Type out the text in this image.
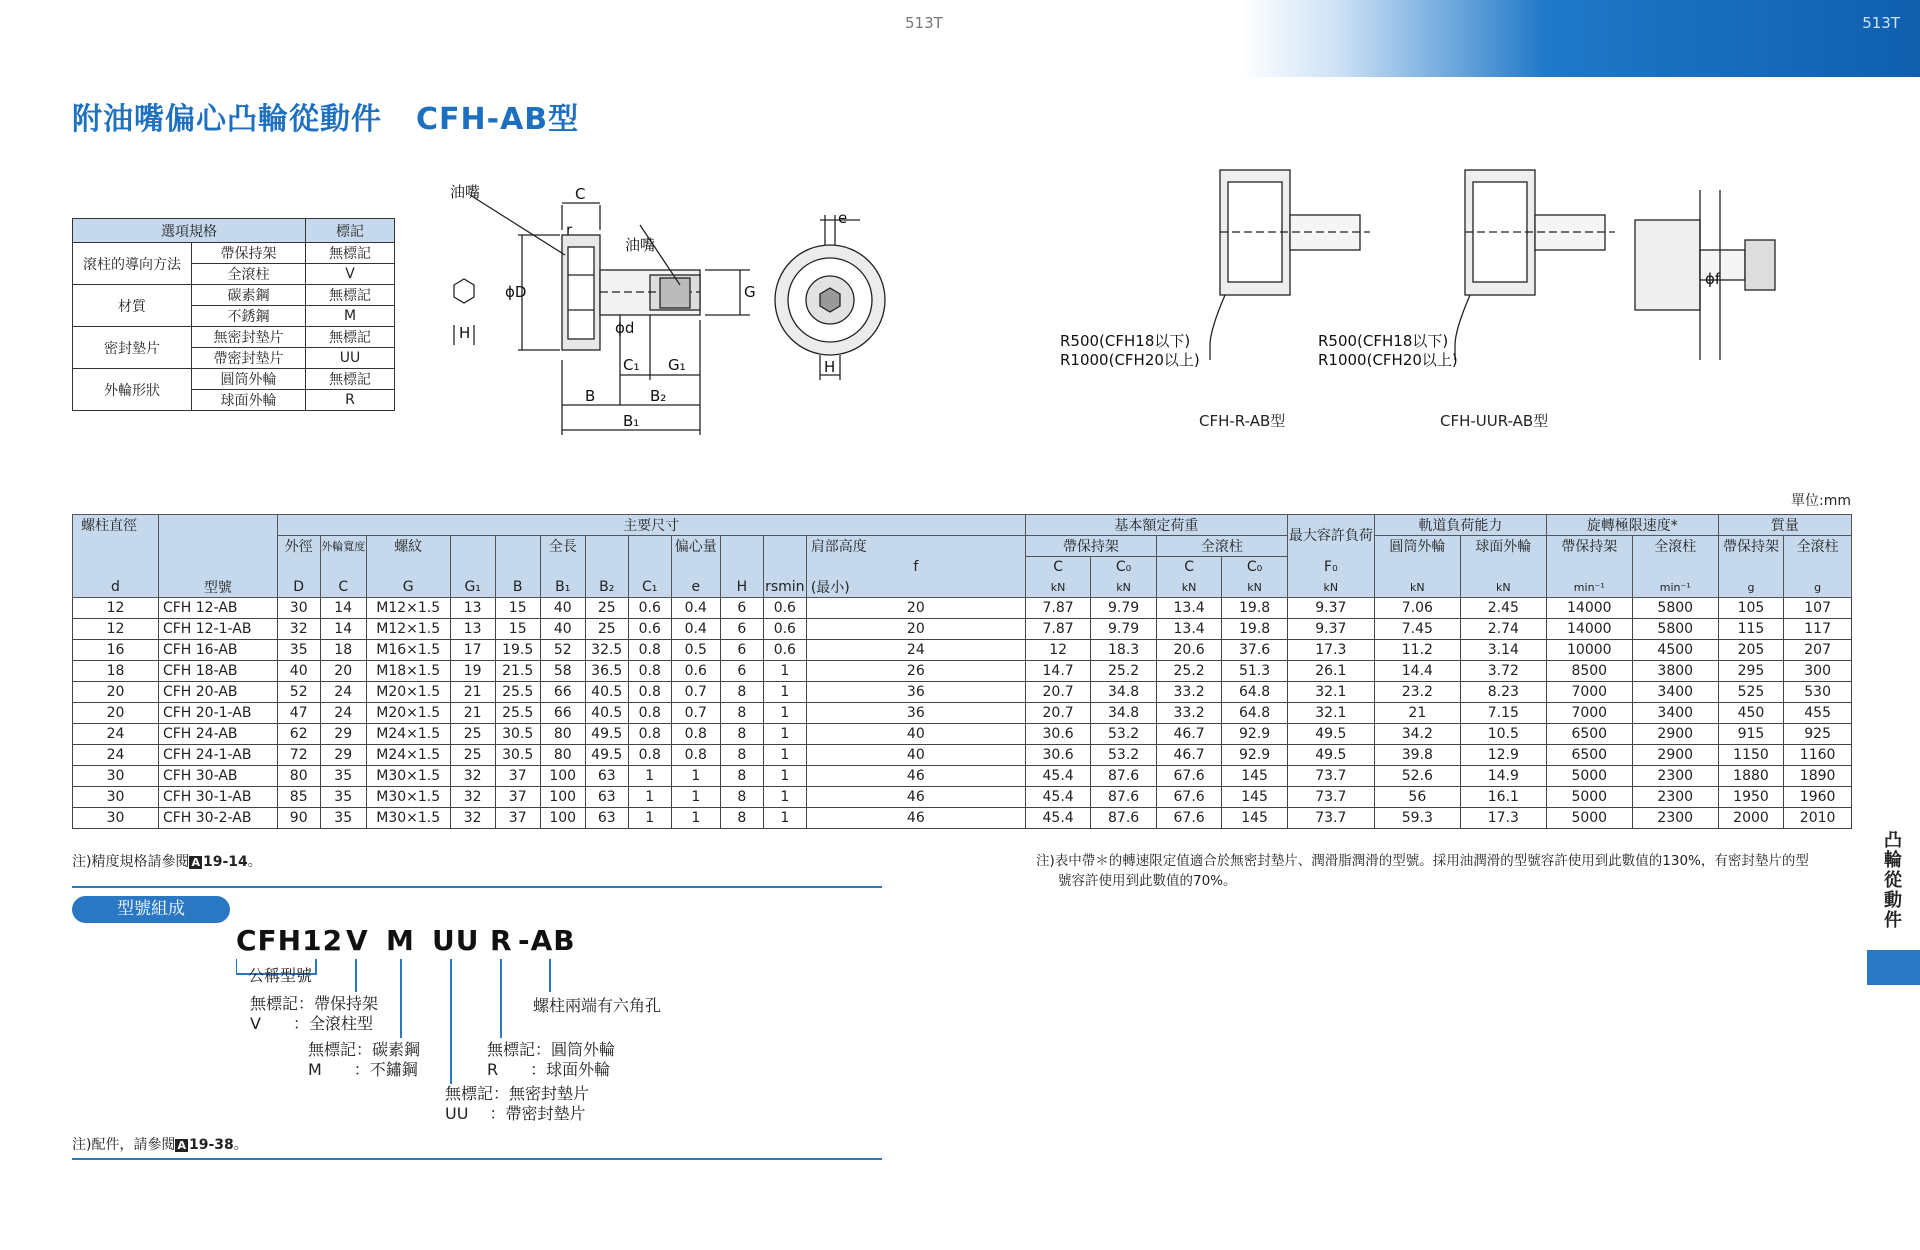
513T	513T
附油嘴偏心凸輪從動件 CFH-AB型
選項規格		標記
滾柱的導向方法	帶保持架	無標記
	全滾柱	V
材質	碳素鋼	無標記
	不銹鋼	M
密封墊片	無密封墊片	無標記
	帶密封墊片	UU
外輪形狀	圓筒外輪	無標記
	球面外輪	R
油嘴
油嘴
C
r
ϕD
ϕd
G
H
H
C₁ G₁
B	B₂
B₁
e
R500(CFH18以下)
R1000(CFH20以上)
R500(CFH18以下)
R1000(CFH20以上)
ϕf
CFH-R-AB型	CFH-UUR-AB型
單位:mm
螺柱直徑		主要尺寸												基本額定荷重				最大容許負荷	軌道負荷能力		旋轉極限速度*		質量	
		外徑	外輪寬度	螺紋			全長			偏心量			肩部高度	帶保持架		全滾柱			圓筒外輪	球面外輪	帶保持架	全滾柱	帶保持架	全滾柱
													f	C	C₀	C	C₀	F₀						
d	型號	D	C	G	G₁	B	B₁	B₂	C₁	e	H	rsmin	(最小)	kN	kN	kN	kN	kN	kN	kN	min⁻¹	min⁻¹	g	g
12	CFH 12-AB	30	14	M12×1.5	13	15	40	25	0.6	0.4	6	0.6	20	7.87	9.79	13.4	19.8	9.37	7.06	2.45	14000	5800	105	107
12	CFH 12-1-AB	32	14	M12×1.5	13	15	40	25	0.6	0.4	6	0.6	20	7.87	9.79	13.4	19.8	9.37	7.45	2.74	14000	5800	115	117
16	CFH 16-AB	35	18	M16×1.5	17	19.5	52	32.5	0.8	0.5	6	0.6	24	12	18.3	20.6	37.6	17.3	11.2	3.14	10000	4500	205	207
18	CFH 18-AB	40	20	M18×1.5	19	21.5	58	36.5	0.8	0.6	6	1	26	14.7	25.2	25.2	51.3	26.1	14.4	3.72	8500	3800	295	300
20	CFH 20-AB	52	24	M20×1.5	21	25.5	66	40.5	0.8	0.7	8	1	36	20.7	34.8	33.2	64.8	32.1	23.2	8.23	7000	3400	525	530
20	CFH 20-1-AB	47	24	M20×1.5	21	25.5	66	40.5	0.8	0.7	8	1	36	20.7	34.8	33.2	64.8	32.1	21	7.15	7000	3400	450	455
24	CFH 24-AB	62	29	M24×1.5	25	30.5	80	49.5	0.8	0.8	8	1	40	30.6	53.2	46.7	92.9	49.5	34.2	10.5	6500	2900	915	925
24	CFH 24-1-AB	72	29	M24×1.5	25	30.5	80	49.5	0.8	0.8	8	1	40	30.6	53.2	46.7	92.9	49.5	39.8	12.9	6500	2900	1150	1160
30	CFH 30-AB	80	35	M30×1.5	32	37	100	63	1	1	8	1	46	45.4	87.6	67.6	145	73.7	52.6	14.9	5000	2300	1880	1890
30	CFH 30-1-AB	85	35	M30×1.5	32	37	100	63	1	1	8	1	46	45.4	87.6	67.6	145	73.7	56	16.1	5000	2300	1950	1960
30	CFH 30-2-AB	90	35	M30×1.5	32	37	100	63	1	1	8	1	46	45.4	87.6	67.6	145	73.7	59.3	17.3	5000	2300	2000	2010
注)精度規格請參閱 A 19-14。	注)表中帶＊的轉速限定值適合於無密封墊片、潤滑脂潤滑的型號。採用油潤滑的型號容許使用到此數值的130%，有密封墊片的型
號容許使用到此數值的70%。
型號組成
CFH12 V M UU R -AB
公稱型號
無標記：帶保持架
V　　：全滾柱型
無標記：碳素鋼
M　　：不鏽鋼
無標記：無密封墊片
UU　 ：帶密封墊片
無標記：圓筒外輪
R　　：球面外輪
螺柱兩端有六角孔
注)配件，請參閱 A 19-38。
凸輪從動件
